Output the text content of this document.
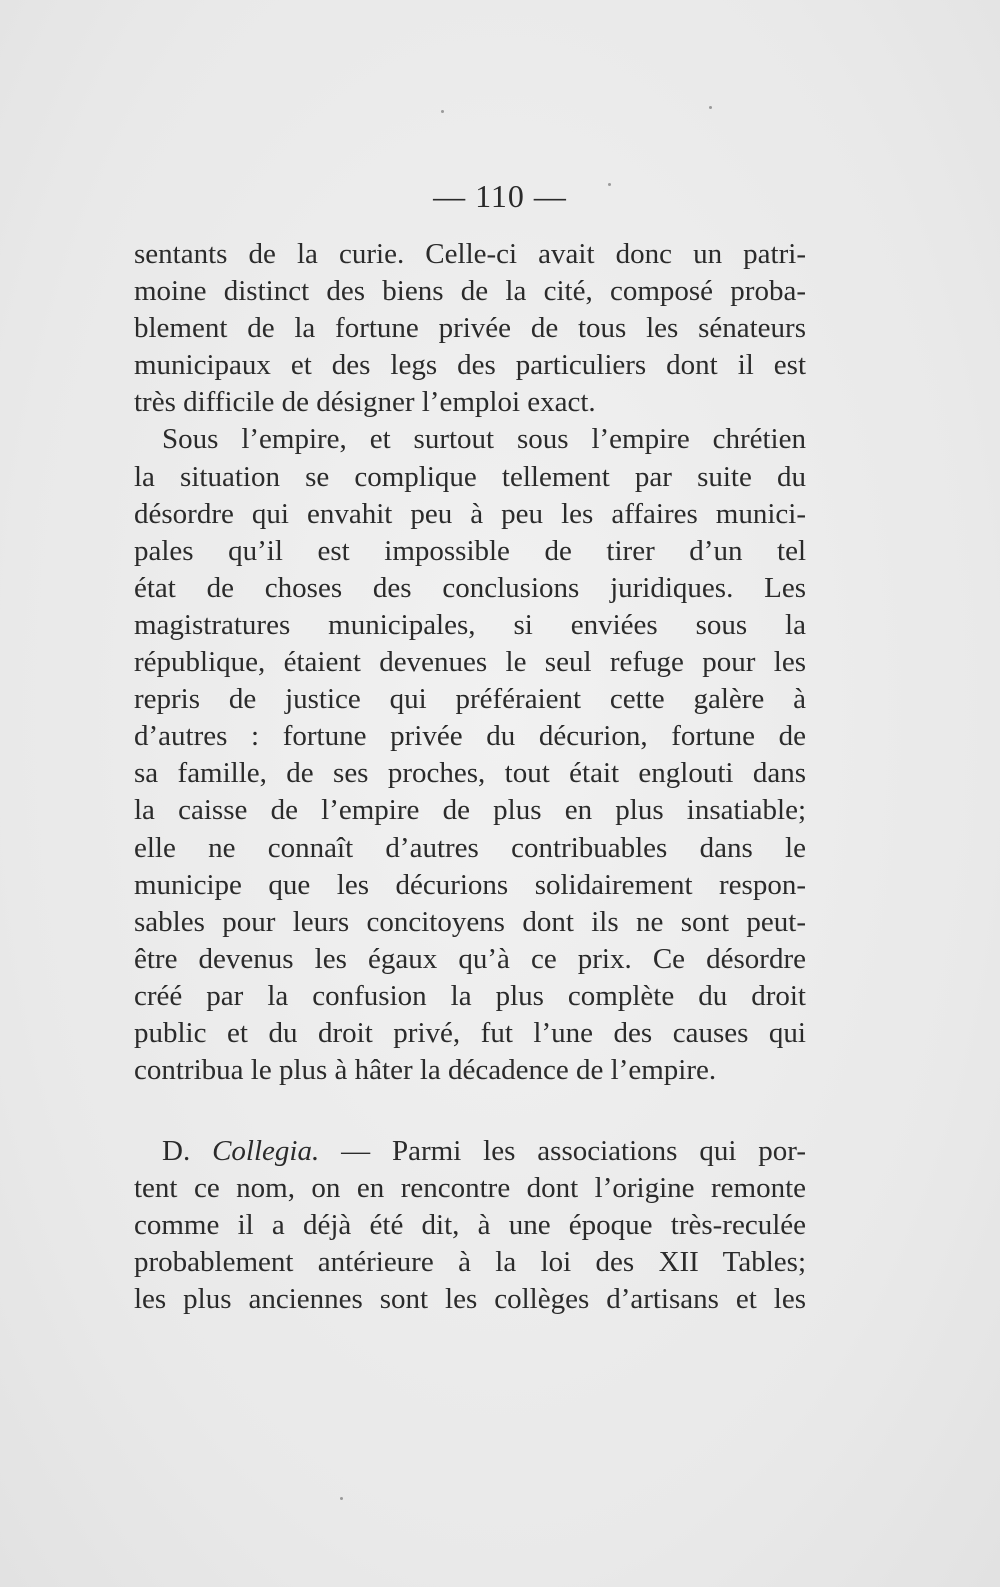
— 110 —
sentants de la curie. Celle-ci avait donc un patri-
moine distinct des biens de la cité, composé proba-
blement de la fortune privée de tous les sénateurs
municipaux et des legs des particuliers dont il est
très difficile de désigner l’emploi exact.
Sous l’empire, et surtout sous l’empire chrétien
la situation se complique tellement par suite du
désordre qui envahit peu à peu les affaires munici-
pales qu’il est impossible de tirer d’un tel
état de choses des conclusions juridiques. Les
magistratures municipales, si enviées sous la
république, étaient devenues le seul refuge pour les
repris de justice qui préféraient cette galère à
d’autres : fortune privée du décurion, fortune de
sa famille, de ses proches, tout était englouti dans
la caisse de l’empire de plus en plus insatiable;
elle ne connaît d’autres contribuables dans le
municipe que les décurions solidairement respon-
sables pour leurs concitoyens dont ils ne sont peut-
être devenus les égaux qu’à ce prix. Ce désordre
créé par la confusion la plus complète du droit
public et du droit privé, fut l’une des causes qui
contribua le plus à hâter la décadence de l’empire.
D. Collegia. — Parmi les associations qui por-
tent ce nom, on en rencontre dont l’origine remonte
comme il a déjà été dit, à une époque très-reculée
probablement antérieure à la loi des XII Tables;
les plus anciennes sont les collèges d’artisans et les
